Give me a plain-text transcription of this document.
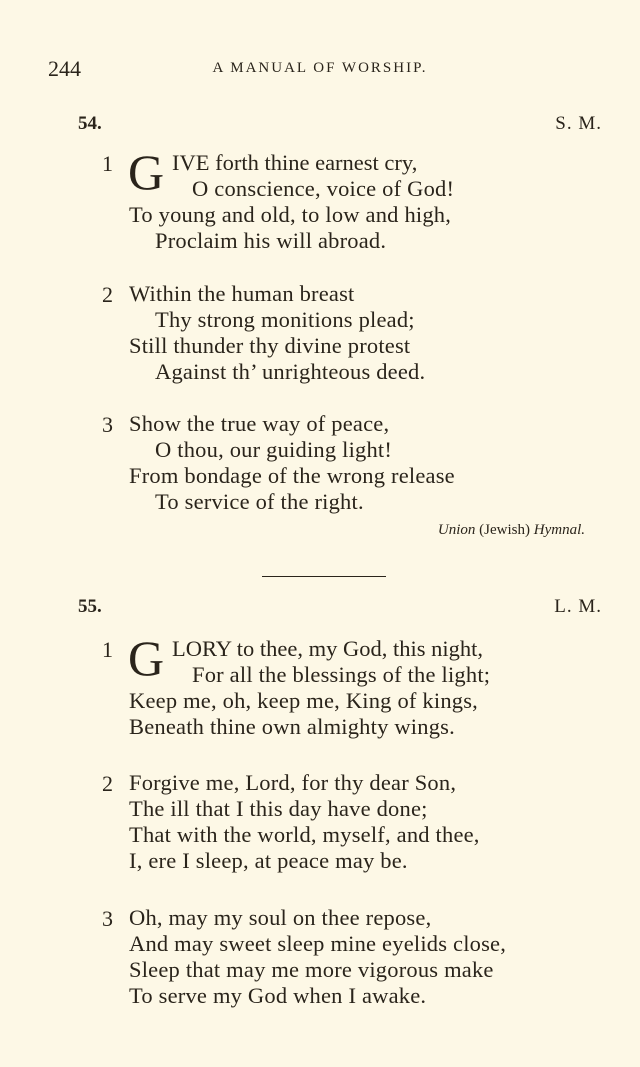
244	A MANUAL OF WORSHIP.
54.	S. M.
1 G IVE forth thine earnest cry,
O conscience, voice of God!
To young and old, to low and high,
Proclaim his will abroad.
2 Within the human breast
Thy strong monitions plead;
Still thunder thy divine protest
Against th’ unrighteous deed.
3 Show the true way of peace,
O thou, our guiding light!
From bondage of the wrong release
To service of the right.
Union (Jewish) Hymnal.
55.	L. M.
1 G LORY to thee, my God, this night,
For all the blessings of the light;
Keep me, oh, keep me, King of kings,
Beneath thine own almighty wings.
2 Forgive me, Lord, for thy dear Son,
The ill that I this day have done;
That with the world, myself, and thee,
I, ere I sleep, at peace may be.
3 Oh, may my soul on thee repose,
And may sweet sleep mine eyelids close,
Sleep that may me more vigorous make
To serve my God when I awake.
